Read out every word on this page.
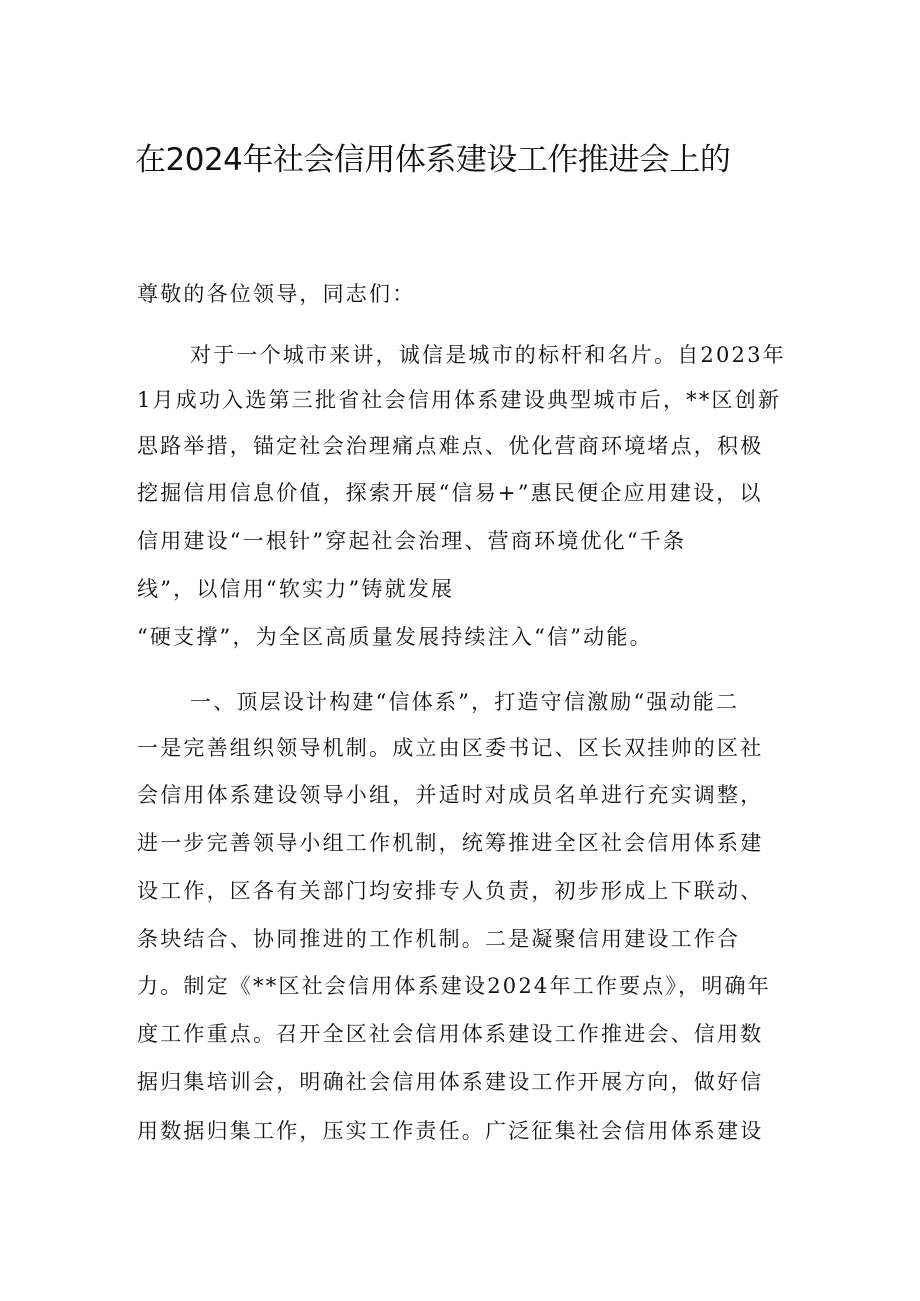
在2024年社会信用体系建设工作推进会上的
尊敬的各位领导，同志们：
对于一个城市来讲，诚信是城市的标杆和名片。自2023年
1月成功入选第三批省社会信用体系建设典型城市后，**区创新
思路举措，锚定社会治理痛点难点、优化营商环境堵点，积极
挖掘信用信息价值，探索开展“信易+”惠民便企应用建设，以
信用建设“一根针”穿起社会治理、营商环境优化“千条
线”，以信用“软实力”铸就发展
“硬支撑”，为全区高质量发展持续注入“信”动能。
一、顶层设计构建“信体系”，打造守信激励“强动能二
一是完善组织领导机制。成立由区委书记、区长双挂帅的区社
会信用体系建设领导小组，并适时对成员名单进行充实调整，
进一步完善领导小组工作机制，统筹推进全区社会信用体系建
设工作，区各有关部门均安排专人负责，初步形成上下联动、
条块结合、协同推进的工作机制。二是凝聚信用建设工作合
力。制定《**区社会信用体系建设2024年工作要点》，明确年
度工作重点。召开全区社会信用体系建设工作推进会、信用数
据归集培训会，明确社会信用体系建设工作开展方向，做好信
用数据归集工作，压实工作责任。广泛征集社会信用体系建设
